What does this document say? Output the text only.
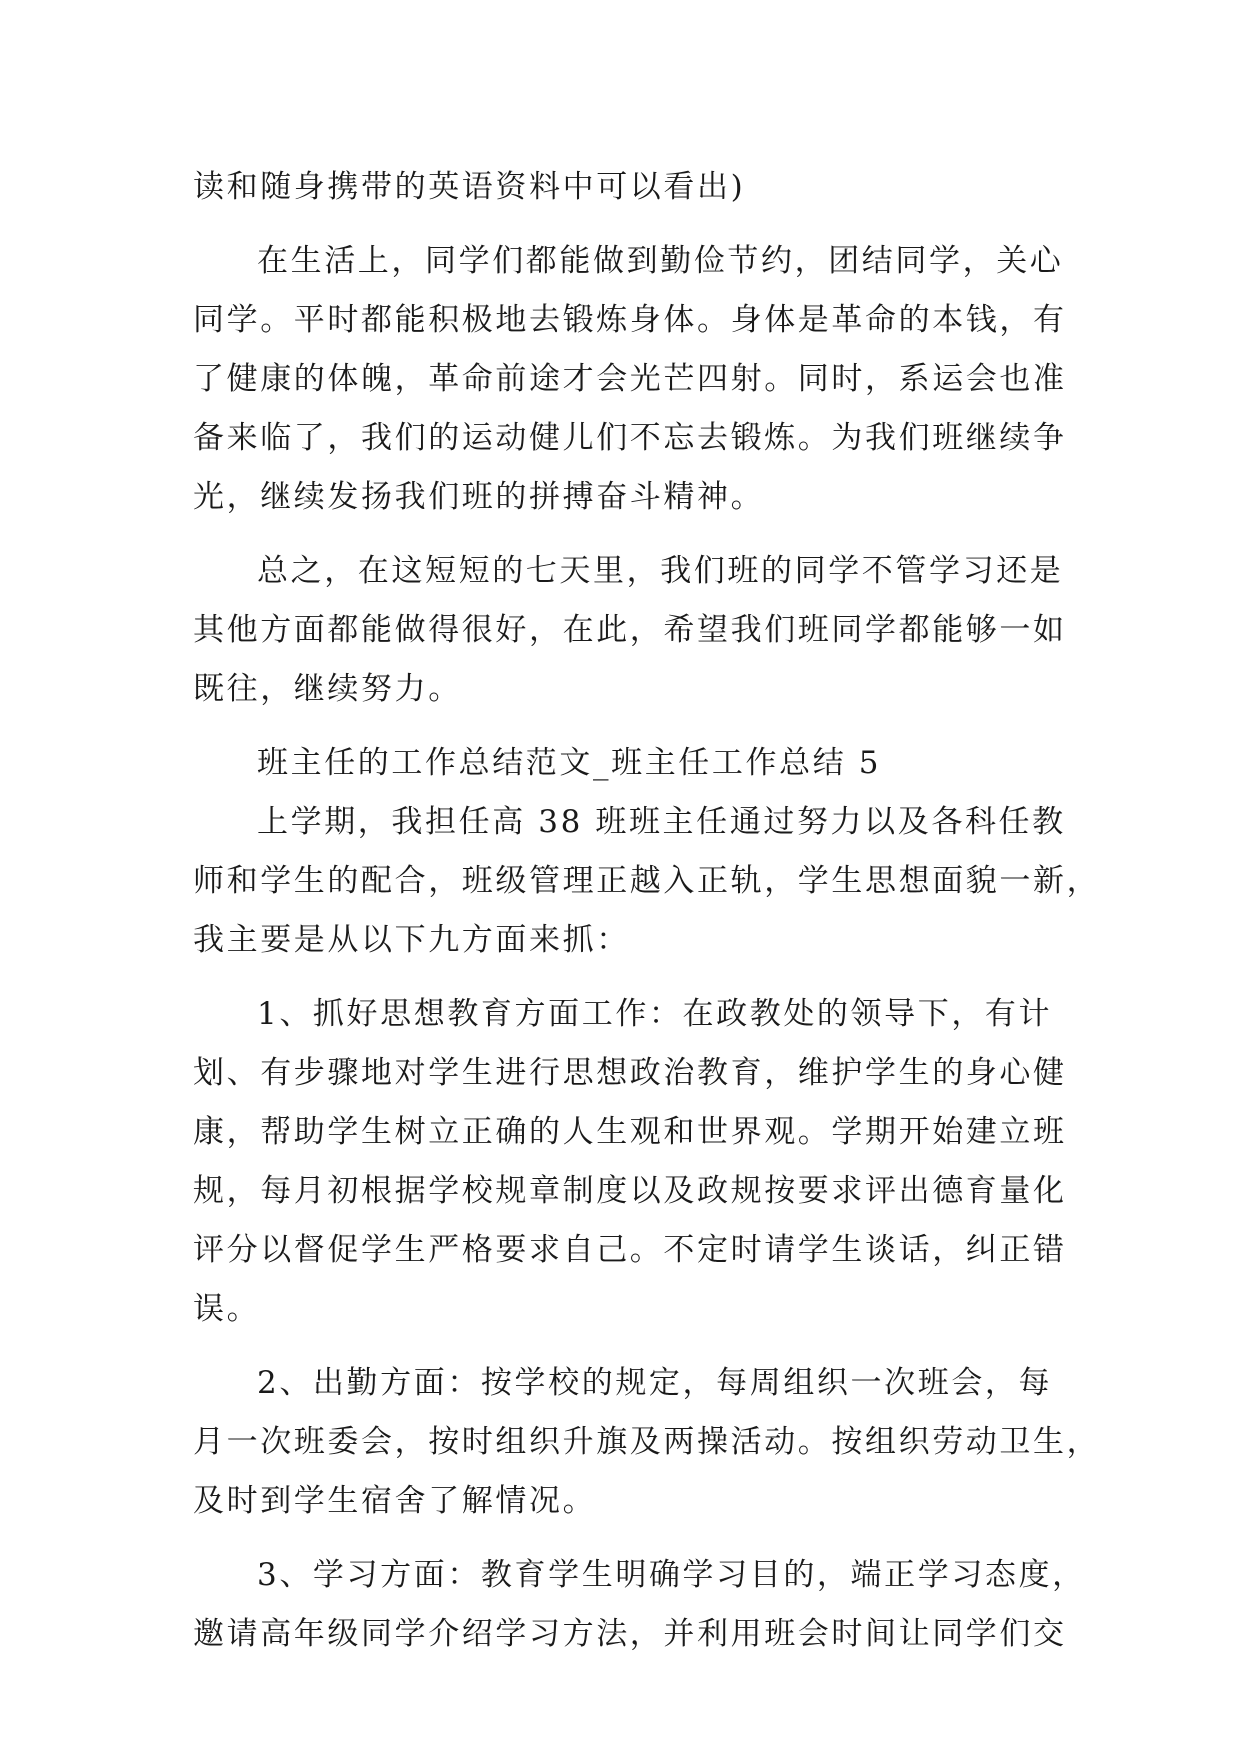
读和随身携带的英语资料中可以看出)
在生活上，同学们都能做到勤俭节约，团结同学，关心
同学。平时都能积极地去锻炼身体。身体是革命的本钱，有
了健康的体魄，革命前途才会光芒四射。同时，系运会也准
备来临了，我们的运动健儿们不忘去锻炼。为我们班继续争
光，继续发扬我们班的拼搏奋斗精神。
总之，在这短短的七天里，我们班的同学不管学习还是
其他方面都能做得很好，在此，希望我们班同学都能够一如
既往，继续努力。
班主任的工作总结范文_班主任工作总结 5
上学期，我担任高 38 班班主任通过努力以及各科任教
师和学生的配合，班级管理正越入正轨，学生思想面貌一新，
我主要是从以下九方面来抓：
1、抓好思想教育方面工作：在政教处的领导下，有计
划、有步骤地对学生进行思想政治教育，维护学生的身心健
康，帮助学生树立正确的人生观和世界观。学期开始建立班
规，每月初根据学校规章制度以及政规按要求评出德育量化
评分以督促学生严格要求自己。不定时请学生谈话，纠正错
误。
2、出勤方面：按学校的规定，每周组织一次班会，每
月一次班委会，按时组织升旗及两操活动。按组织劳动卫生，
及时到学生宿舍了解情况。
3、学习方面：教育学生明确学习目的，端正学习态度，
邀请高年级同学介绍学习方法，并利用班会时间让同学们交
